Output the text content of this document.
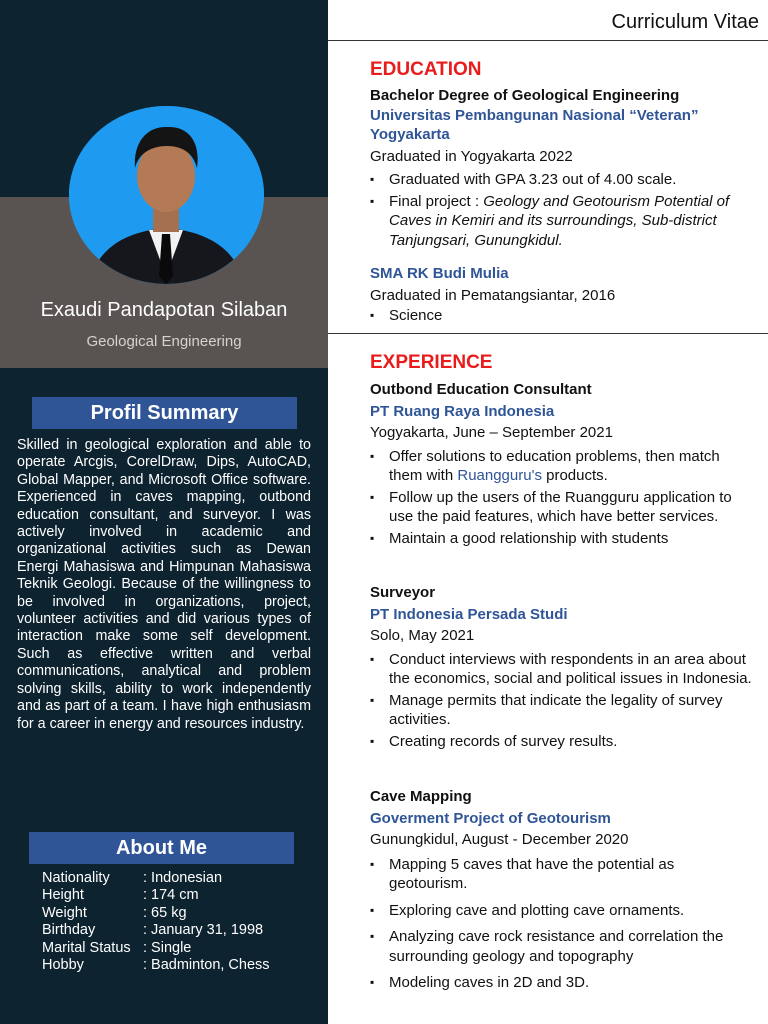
Exaudi Pandapotan Silaban
Geological Engineering
Profil Summary
Skilled in geological exploration and able to operate Arcgis, CorelDraw, Dips, AutoCAD, Global Mapper, and Microsoft Office software. Experienced in caves mapping, outbond education consultant, and surveyor. I was actively involved in academic and organizational activities such as Dewan Energi Mahasiswa and Himpunan Mahasiswa Teknik Geologi. Because of the willingness to be involved in organizations, project, volunteer activities and did various types of interaction make some self development. Such as effective written and verbal communications, analytical and problem solving skills, ability to work independently and as part of a team. I have high enthusiasm for a career in energy and resources industry.
About Me
Nationality	: Indonesian
Height	: 174 cm
Weight	: 65 kg
Birthday	: January 31, 1998
Marital Status : Single
Hobby	: Badminton, Chess
Curriculum Vitae
EDUCATION
Bachelor Degree of Geological Engineering
Universitas Pembangunan Nasional “Veteran” Yogyakarta
Graduated in Yogyakarta 2022
▪ Graduated with GPA 3.23 out of 4.00 scale.
▪ Final project : Geology and Geotourism Potential of Caves in Kemiri and its surroundings, Sub-district Tanjungsari, Gunungkidul.
SMA RK Budi Mulia
Graduated in Pematangsiantar, 2016
▪ Science
EXPERIENCE
Outbond Education Consultant
PT Ruang Raya Indonesia
Yogyakarta, June – September 2021
▪ Offer solutions to education problems, then match them with Ruangguru's products.
▪ Follow up the users of the Ruangguru application to use the paid features, which have better services.
▪ Maintain a good relationship with students
Surveyor
PT Indonesia Persada Studi
Solo, May 2021
▪ Conduct interviews with respondents in an area about the economics, social and political issues in Indonesia.
▪ Manage permits that indicate the legality of survey activities.
▪ Creating records of survey results.
Cave Mapping
Goverment Project of Geotourism
Gunungkidul, August - December 2020
▪ Mapping 5 caves that have the potential as geotourism.
▪ Exploring cave and plotting cave ornaments.
▪ Analyzing cave rock resistance and correlation the surrounding geology and topography
▪ Modeling caves in 2D and 3D.
